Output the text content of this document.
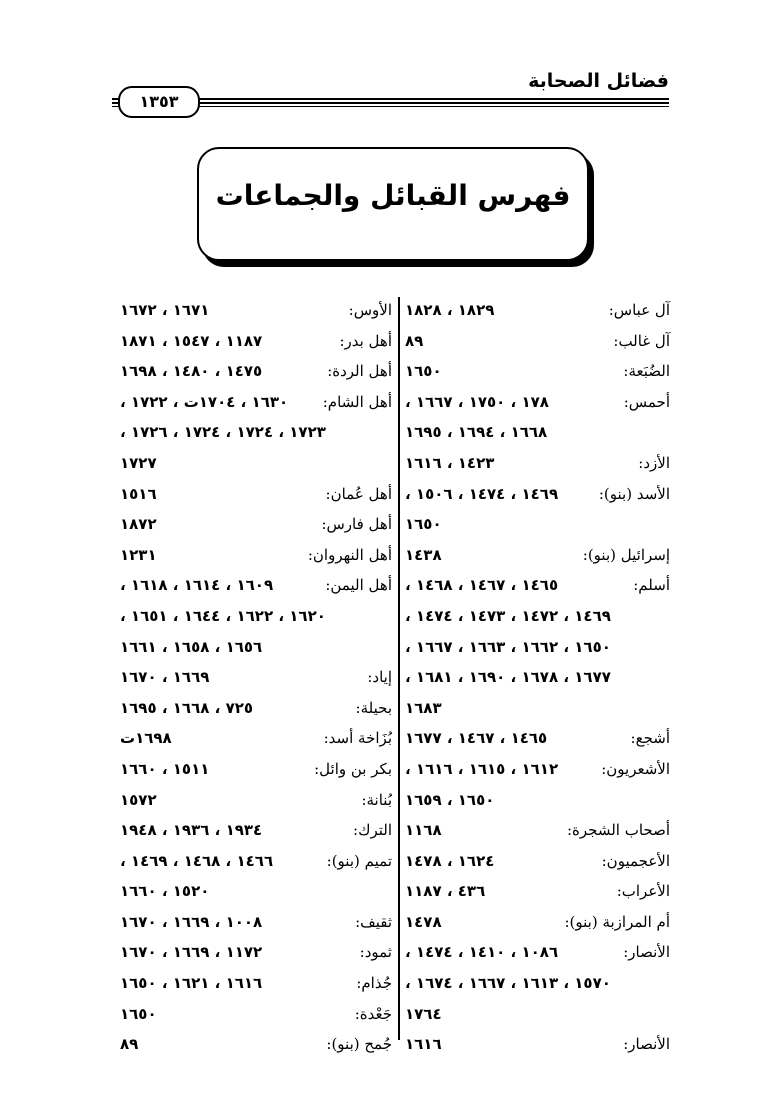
فضائل الصحابة
١٣٥٣
فهرس القبائل والجماعات
آل عباس:
١٨٢٩ ، ١٨٢٨
آل غالب:
٨٩
الضُبَعة:
١٦٥٠
أحمس:
١٧٨ ، ١٧٥٠ ، ١٦٦٧ ،
١٦٦٨ ، ١٦٩٤ ، ١٦٩٥
الأزد:
١٤٢٣ ، ١٦١٦
الأسد (بنو):
١٤٦٩ ، ١٤٧٤ ، ١٥٠٦ ،
١٦٥٠
إسرائيل (بنو):
١٤٣٨
أسلم:
١٤٦٥ ، ١٤٦٧ ، ١٤٦٨ ،
١٤٦٩ ، ١٤٧٢ ، ١٤٧٣ ، ١٤٧٤ ،
١٦٥٠ ، ١٦٦٢ ، ١٦٦٣ ، ١٦٦٧ ،
١٦٧٧ ، ١٦٧٨ ، ١٦٩٠ ، ١٦٨١ ،
١٦٨٣
أشجع:
١٤٦٥ ، ١٤٦٧ ، ١٦٧٧
الأشعريون:
١٦١٢ ، ١٦١٥ ، ١٦١٦ ،
١٦٥٠ ، ١٦٥٩
أصحاب الشجرة:
١١٦٨
الأعجميون:
١٦٢٤ ، ١٤٧٨
الأعراب:
٤٣٦ ، ١١٨٧
أم المرازبة (بنو):
١٤٧٨
الأنصار:
١٠٨٦ ، ١٤١٠ ، ١٤٧٤ ،
١٥٧٠ ، ١٦١٣ ، ١٦٦٧ ، ١٦٧٤ ،
١٧٦٤
الأنصار:
١٦١٦
الأوس:
١٦٧١ ، ١٦٧٢
أهل بدر:
١١٨٧ ، ١٥٤٧ ، ١٨٧١
أهل الردة:
١٤٧٥ ، ١٤٨٠ ، ١٦٩٨
أهل الشام:
١٦٣٠ ، ١٧٠٤ت ، ١٧٢٢ ،
١٧٢٣ ، ١٧٢٤ ، ١٧٢٤ ، ١٧٢٦ ،
١٧٢٧
أهل عُمان:
١٥١٦
أهل فارس:
١٨٧٢
أهل النهروان:
١٢٣١
أهل اليمن:
١٦٠٩ ، ١٦١٤ ، ١٦١٨ ،
١٦٢٠ ، ١٦٢٢ ، ١٦٤٤ ، ١٦٥١ ،
١٦٥٦ ، ١٦٥٨ ، ١٦٦١
إياد:
١٦٦٩ ، ١٦٧٠
بحيلة:
٧٢٥ ، ١٦٦٨ ، ١٦٩٥
بُزَاخة أسد:
١٦٩٨ت
بكر بن وائل:
١٥١١ ، ١٦٦٠
بُنانة:
١٥٧٢
الترك:
١٩٣٤ ، ١٩٣٦ ، ١٩٤٨
تميم (بنو):
١٤٦٦ ، ١٤٦٨ ، ١٤٦٩ ،
١٥٢٠ ، ١٦٦٠
ثقيف:
١٠٠٨ ، ١٦٦٩ ، ١٦٧٠
ثمود:
١١٧٢ ، ١٦٦٩ ، ١٦٧٠
جُذام:
١٦١٦ ، ١٦٢١ ، ١٦٥٠
جَعْدة:
١٦٥٠
جُمح (بنو):
٨٩
